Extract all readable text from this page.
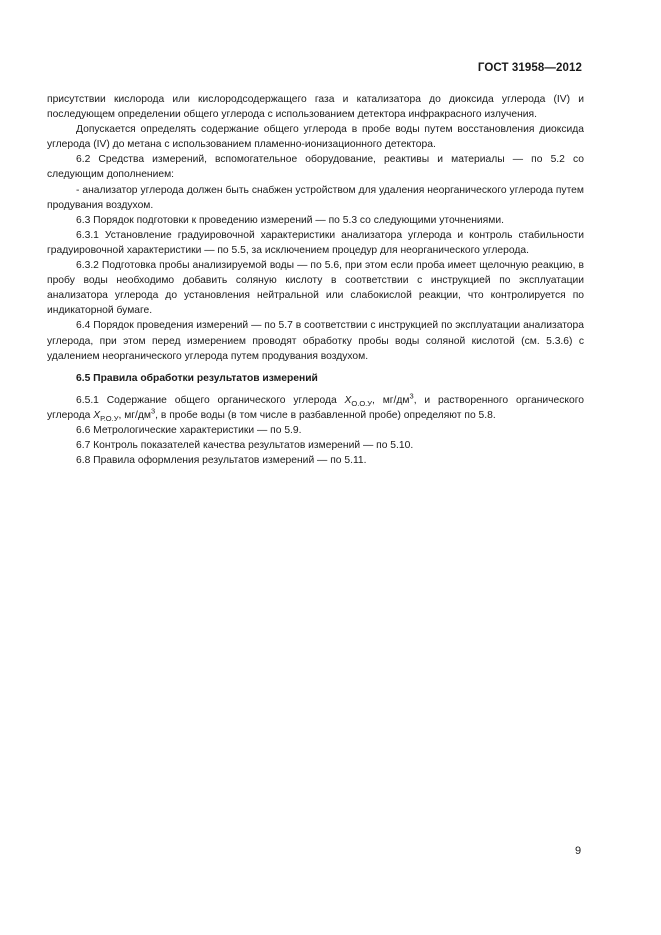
ГОСТ 31958—2012

присутствии кислорода или кислородсодержащего газа и катализатора до диоксида углерода (IV) и последующем определении общего углерода с использованием детектора инфракрасного излучения.

Допускается определять содержание общего углерода в пробе воды путем восстановления диоксида углерода (IV) до метана с использованием пламенно-ионизационного детектора.

6.2 Средства измерений, вспомогательное оборудование, реактивы и материалы — по 5.2 со следующим дополнением:

- анализатор углерода должен быть снабжен устройством для удаления неорганического углерода путем продувания воздухом.

6.3 Порядок подготовки к проведению измерений — по 5.3 со следующими уточнениями.

6.3.1 Установление градуировочной характеристики анализатора углерода и контроль стабильности градуировочной характеристики — по 5.5, за исключением процедур для неорганического углерода.

6.3.2 Подготовка пробы анализируемой воды — по 5.6, при этом если проба имеет щелочную реакцию, в пробу воды необходимо добавить соляную кислоту в соответствии с инструкцией по эксплуатации анализатора углерода до установления нейтральной или слабокислой реакции, что контролируется по индикаторной бумаге.

6.4 Порядок проведения измерений — по 5.7 в соответствии с инструкцией по эксплуатации анализатора углерода, при этом перед измерением проводят обработку пробы воды соляной кислотой (см. 5.3.6) с удалением неорганического углерода путем продувания воздухом.

6.5 Правила обработки результатов измерений

6.5.1 Содержание общего органического углерода $X_{О.О.У}$, $мг/дм^3$, и растворенного органического углерода $X_{Р.О.У}$, $мг/дм^3$, в пробе воды (в том числе в разбавленной пробе) определяют по 5.8.

6.6 Метрологические характеристики — по 5.9.

6.7 Контроль показателей качества результатов измерений — по 5.10.

6.8 Правила оформления результатов измерений — по 5.11.

9
